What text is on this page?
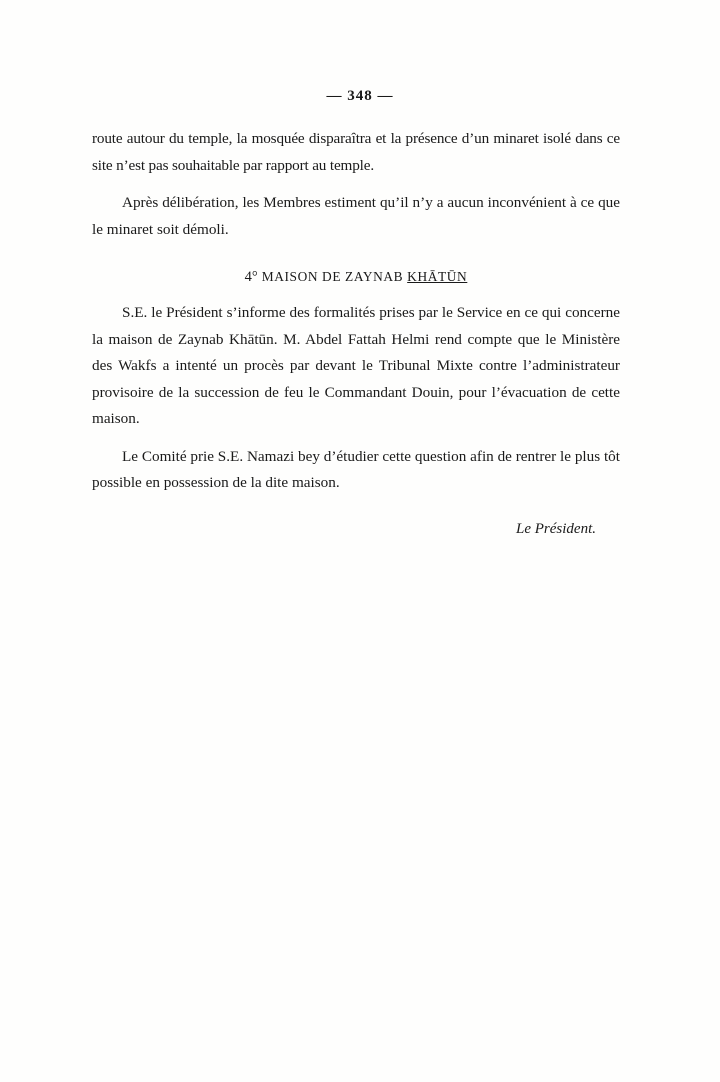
— 348 —

route autour du temple, la mosquée disparaîtra et la présence d’un minaret isolé dans ce site n’est pas souhaitable par rapport au temple.

Après délibération, les Membres estiment qu’il n’y a aucun inconvénient à ce que le minaret soit démoli.

4° MAISON DE ZAYNAB KHĀTŪN

S.E. le Président s’informe des formalités prises par le Service en ce qui concerne la maison de Zaynab Khātūn. M. Abdel Fattah Helmi rend compte que le Ministère des Wakfs a intenté un procès par devant le Tribunal Mixte contre l’administrateur provisoire de la succession de feu le Commandant Douin, pour l’évacuation de cette maison.

Le Comité prie S.E. Namazi bey d’étudier cette question afin de rentrer le plus tôt possible en possession de la dite maison.

Le Président.
